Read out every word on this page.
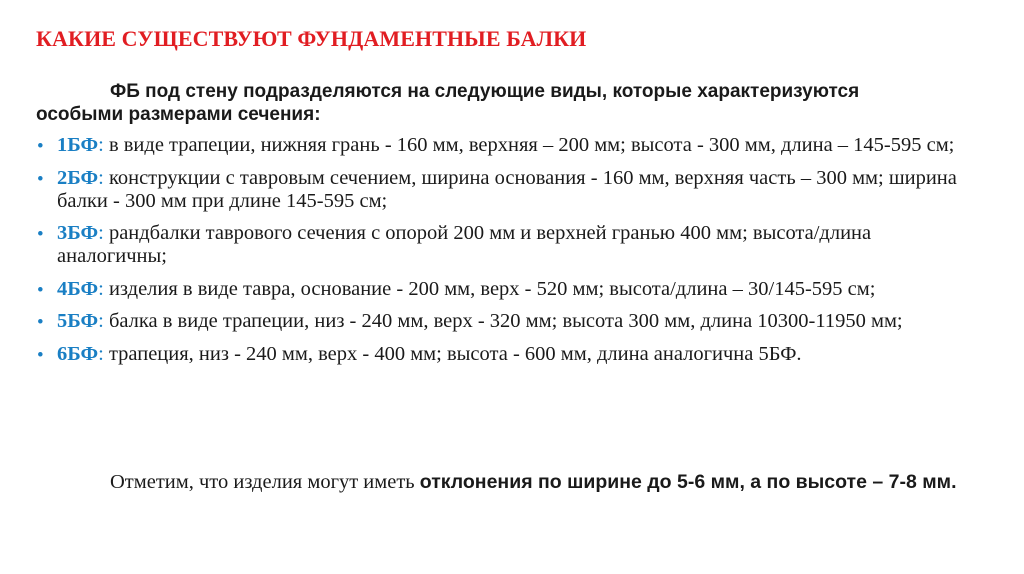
КАКИЕ СУЩЕСТВУЮТ ФУНДАМЕНТНЫЕ БАЛКИ
ФБ под стену подразделяются на следующие виды, которые характеризуются особыми размерами сечения:
• 1БФ: в виде трапеции, нижняя грань - 160 мм, верхняя – 200 мм; высота - 300 мм, длина – 145-595 см;
• 2БФ: конструкции с тавровым сечением, ширина основания - 160 мм, верхняя часть – 300 мм; ширина балки - 300 мм при длине 145-595 см;
• 3БФ: рандбалки таврового сечения с опорой 200 мм и верхней гранью 400 мм; высота/длина аналогичны;
• 4БФ: изделия в виде тавра, основание - 200 мм, верх - 520 мм; высота/длина – 30/145-595 см;
• 5БФ: балка в виде трапеции, низ - 240 мм, верх - 320 мм; высота 300 мм, длина 10300-11950 мм;
• 6БФ: трапеция, низ - 240 мм, верх - 400 мм; высота - 600 мм, длина аналогична 5БФ.
Отметим, что изделия могут иметь отклонения по ширине до 5-6 мм, а по высоте – 7-8 мм.
